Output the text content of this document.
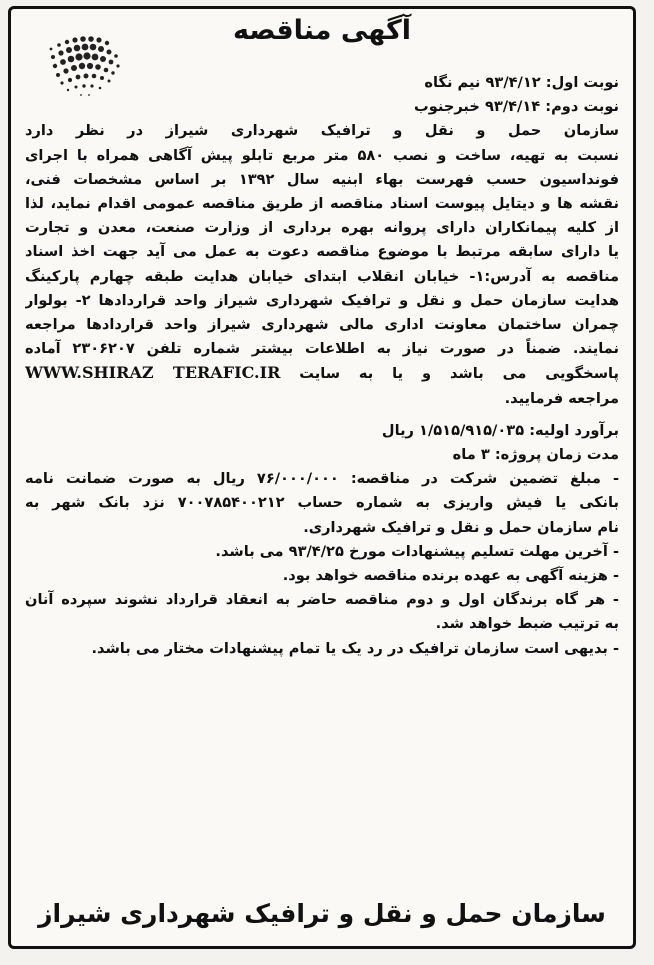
آگهی مناقصه
نوبت اول: ۹۳/۴/۱۲ نیم نگاه
نوبت دوم: ۹۳/۴/۱۴ خبرجنوب
سازمان حمل و نقل و ترافیک شهرداری شیراز در نظر دارد
نسبت به تهیه، ساخت و نصب ۵۸۰ متر مربع تابلو پیش آگاهی همراه با اجرای
فونداسیون حسب فهرست بهاء ابنیه سال ۱۳۹۲ بر اساس مشخصات فنی،
نقشه ها و دیتایل پیوست اسناد مناقصه از طریق مناقصه عمومی اقدام نماید، لذا
از کلیه پیمانکاران دارای پروانه بهره برداری از وزارت صنعت، معدن و تجارت
یا دارای سابقه مرتبط با موضوع مناقصه دعوت به عمل می آید جهت اخذ اسناد
مناقصه به آدرس:۱- خیابان انقلاب ابتدای خیابان هدایت طبقه چهارم پارکینگ
هدایت سازمان حمل و نقل و ترافیک شهرداری شیراز واحد قراردادها ۲- بولوار
چمران ساختمان معاونت اداری مالی شهرداری شیراز واحد قراردادها مراجعه
نمایند. ضمناً در صورت نیاز به اطلاعات بیشتر شماره تلفن ۲۳۰۶۲۰۷ آماده
پاسخگویی می باشد و یا به سایت WWW.SHIRAZ TERAFIC.IR
مراجعه فرمایید.
برآورد اولیه: ۱/۵۱۵/۹۱۵/۰۳۵ ریال
مدت زمان پروژه: ۳ ماه
- مبلغ تضمین شرکت در مناقصه: ۷۶/۰۰۰/۰۰۰ ریال به صورت ضمانت نامه
بانکی یا فیش واریزی به شماره حساب ۷۰۰۷۸۵۴۰۰۲۱۲ نزد بانک شهر به
نام سازمان حمل و نقل و ترافیک شهرداری.
- آخرین مهلت تسلیم پیشنهادات مورخ ۹۳/۴/۲۵ می باشد.
- هزینه آگهی به عهده برنده مناقصه خواهد بود.
- هر گاه برندگان اول و دوم مناقصه حاضر به انعقاد قرارداد نشوند سپرده آنان
به ترتیب ضبط خواهد شد.
- بدیهی است سازمان ترافیک در رد یک یا تمام پیشنهادات مختار می باشد.
سازمان حمل و نقل و ترافیک شهرداری شیراز
